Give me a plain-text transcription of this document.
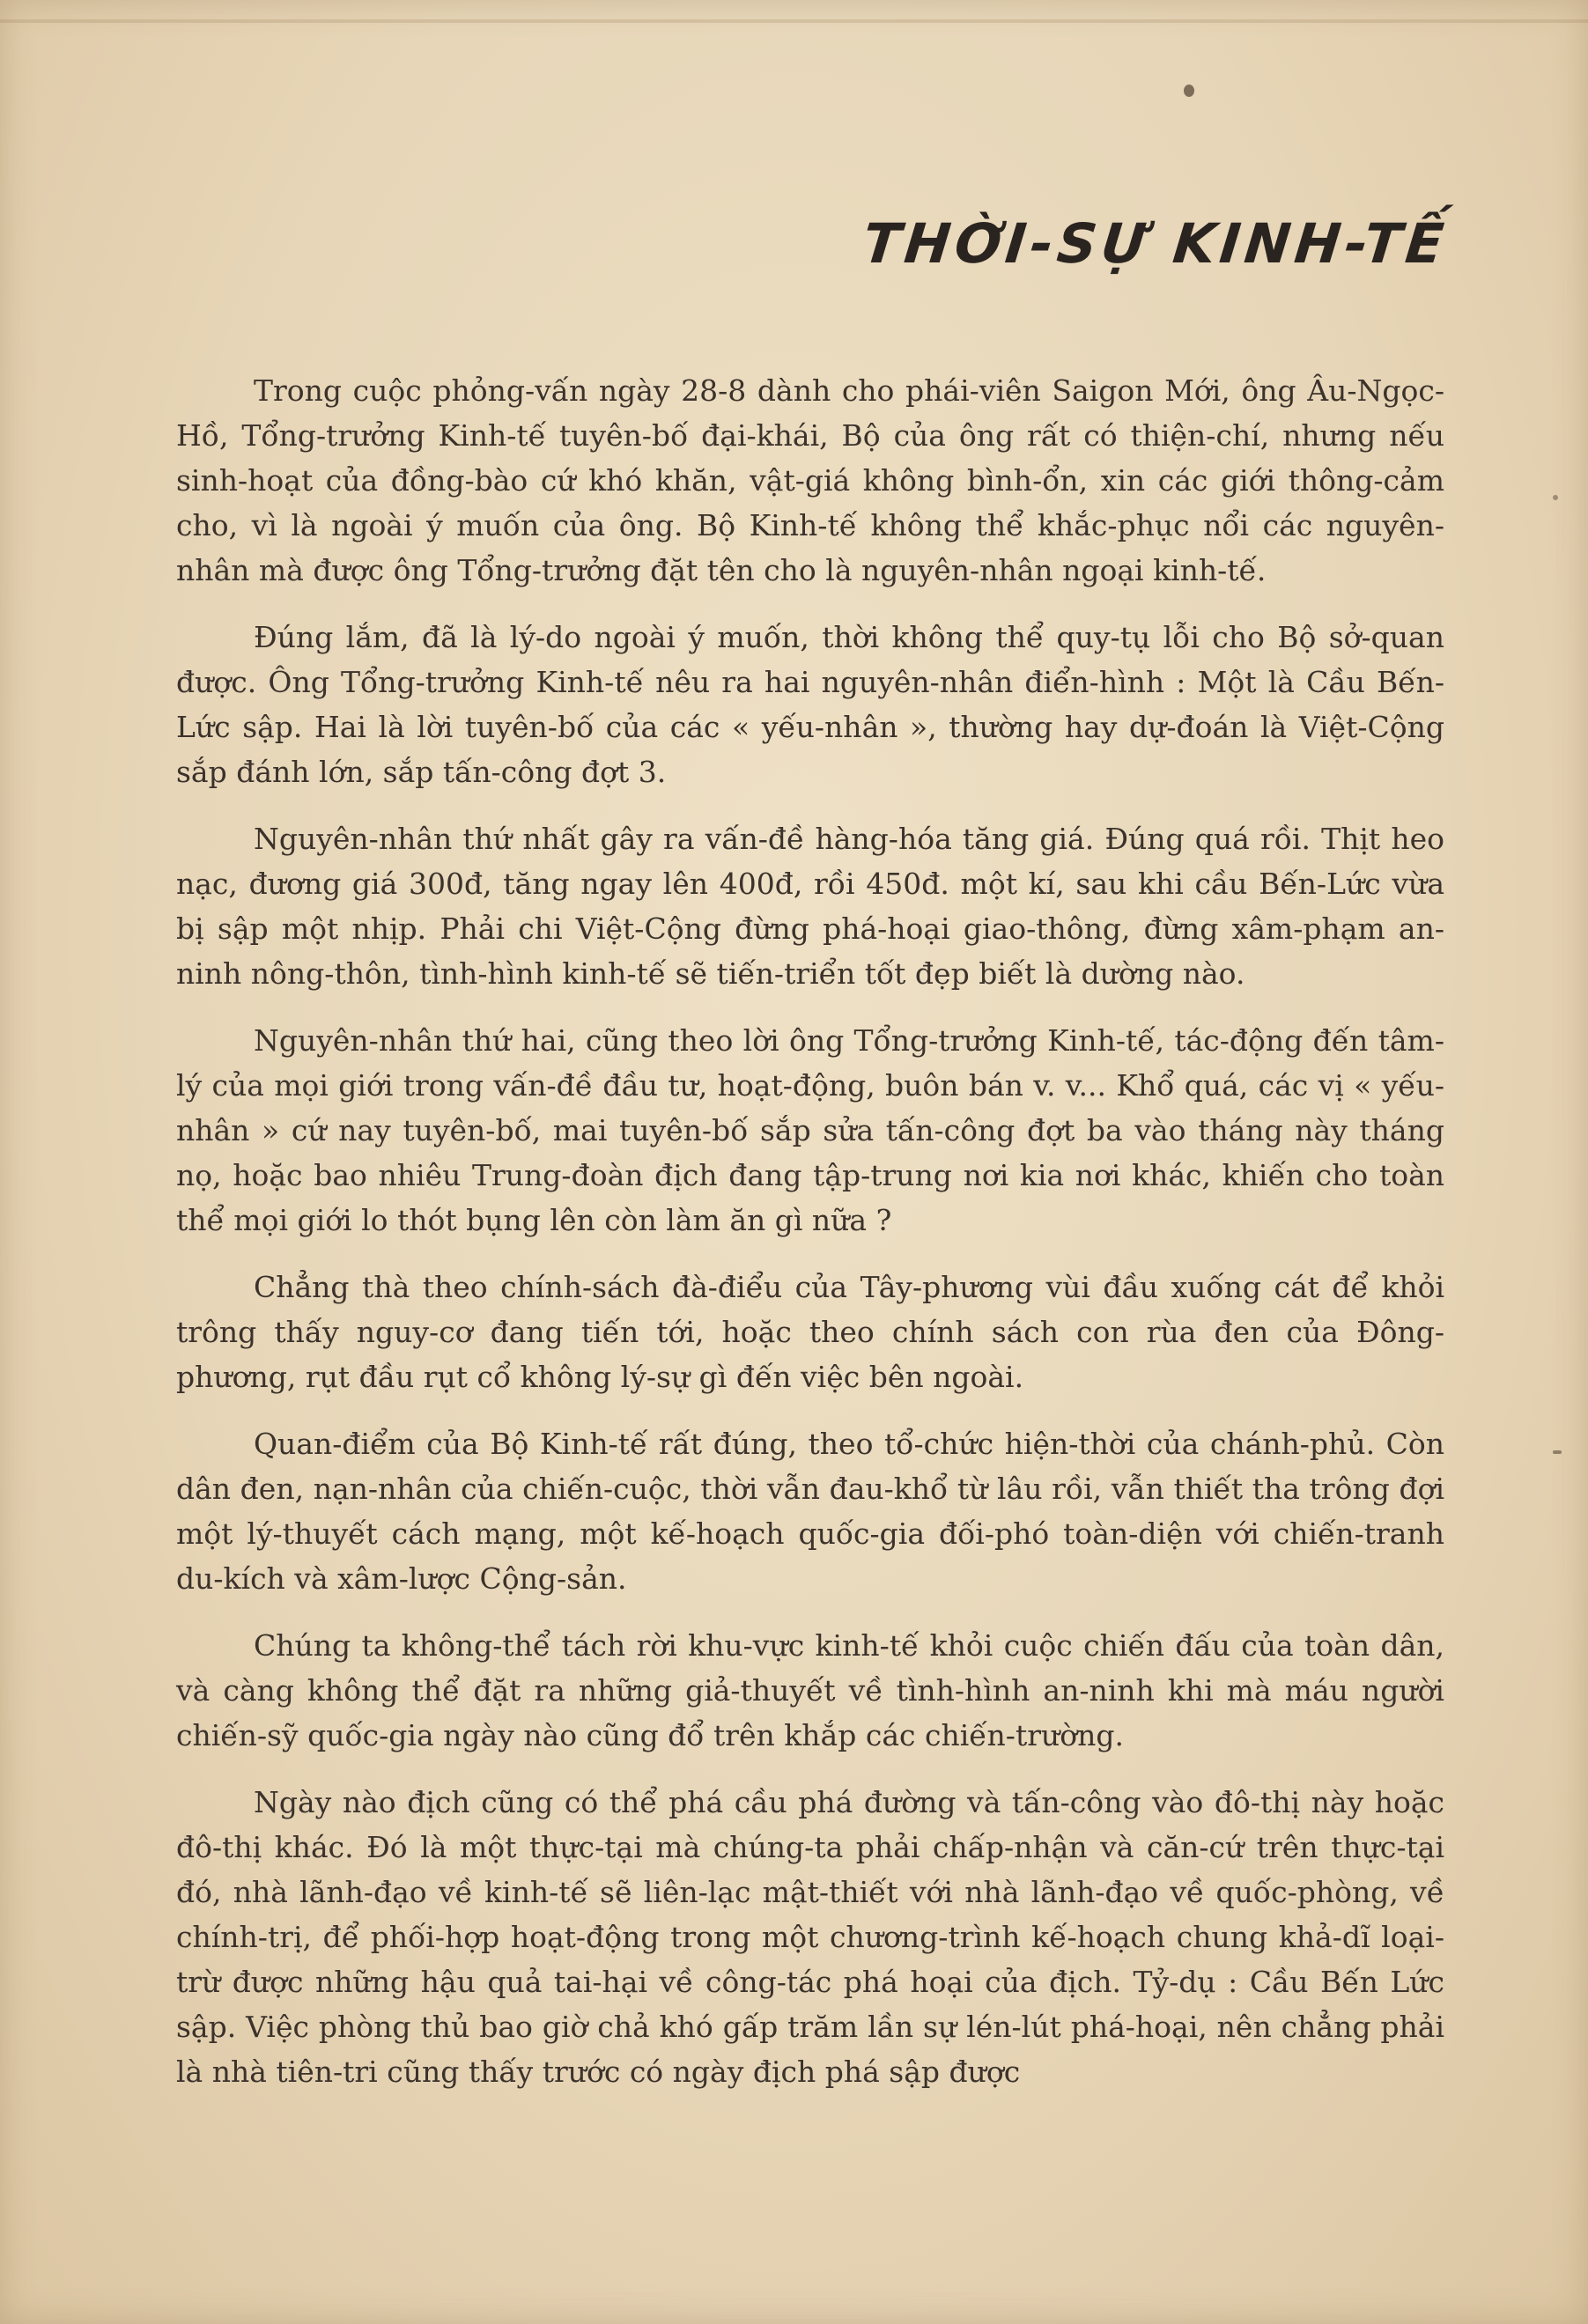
THỜI-SỰ KINH-TẾ

Trong cuộc phỏng-vấn ngày 28-8 dành cho phái-viên Saigon Mới, ông Âu-Ngọc-Hồ, Tổng-trưởng Kinh-tế tuyên-bố đại-khái, Bộ của ông rất có thiện-chí, nhưng nếu sinh-hoạt của đồng-bào cứ khó khăn, vật-giá không bình-ổn, xin các giới thông-cảm cho, vì là ngoài ý muốn của ông. Bộ Kinh-tế không thể khắc-phục nổi các nguyên-nhân mà được ông Tổng-trưởng đặt tên cho là nguyên-nhân ngoại kinh-tế.

Đúng lắm, đã là lý-do ngoài ý muốn, thời không thể quy-tụ lỗi cho Bộ sở-quan được. Ông Tổng-trưởng Kinh-tế nêu ra hai nguyên-nhân điển-hình : Một là Cầu Bến-Lức sập. Hai là lời tuyên-bố của các « yếu-nhân », thường hay dự-đoán là Việt-Cộng sắp đánh lớn, sắp tấn-công đợt 3.

Nguyên-nhân thứ nhất gây ra vấn-đề hàng-hóa tăng giá. Đúng quá rồi. Thịt heo nạc, đương giá 300đ, tăng ngay lên 400đ, rồi 450đ. một kí, sau khi cầu Bến-Lức vừa bị sập một nhịp. Phải chi Việt-Cộng đừng phá-hoại giao-thông, đừng xâm-phạm an-ninh nông-thôn, tình-hình kinh-tế sẽ tiến-triển tốt đẹp biết là dường nào.

Nguyên-nhân thứ hai, cũng theo lời ông Tổng-trưởng Kinh-tế, tác-động đến tâm-lý của mọi giới trong vấn-đề đầu tư, hoạt-động, buôn bán v. v... Khổ quá, các vị « yếu-nhân » cứ nay tuyên-bố, mai tuyên-bố sắp sửa tấn-công đợt ba vào tháng này tháng nọ, hoặc bao nhiêu Trung-đoàn địch đang tập-trung nơi kia nơi khác, khiến cho toàn thể mọi giới lo thót bụng lên còn làm ăn gì nữa ?

Chẳng thà theo chính-sách đà-điểu của Tây-phương vùi đầu xuống cát để khỏi trông thấy nguy-cơ đang tiến tới, hoặc theo chính sách con rùa đen của Đông-phương, rụt đầu rụt cổ không lý-sự gì đến việc bên ngoài.

Quan-điểm của Bộ Kinh-tế rất đúng, theo tổ-chức hiện-thời của chánh-phủ. Còn dân đen, nạn-nhân của chiến-cuộc, thời vẫn đau-khổ từ lâu rồi, vẫn thiết tha trông đợi một lý-thuyết cách mạng, một kế-hoạch quốc-gia đối-phó toàn-diện với chiến-tranh du-kích và xâm-lược Cộng-sản.

Chúng ta không-thể tách rời khu-vực kinh-tế khỏi cuộc chiến đấu của toàn dân, và càng không thể đặt ra những giả-thuyết về tình-hình an-ninh khi mà máu người chiến-sỹ quốc-gia ngày nào cũng đổ trên khắp các chiến-trường.

Ngày nào địch cũng có thể phá cầu phá đường và tấn-công vào đô-thị này hoặc đô-thị khác. Đó là một thực-tại mà chúng-ta phải chấp-nhận và căn-cứ trên thực-tại đó, nhà lãnh-đạo về kinh-tế sẽ liên-lạc mật-thiết với nhà lãnh-đạo về quốc-phòng, về chính-trị, để phối-hợp hoạt-động trong một chương-trình kế-hoạch chung khả-dĩ loại-trừ được những hậu quả tai-hại về công-tác phá hoại của địch. Tỷ-dụ : Cầu Bến Lức sập. Việc phòng thủ bao giờ chả khó gấp trăm lần sự lén-lút phá-hoại, nên chẳng phải là nhà tiên-tri cũng thấy trước có ngày địch phá sập được
